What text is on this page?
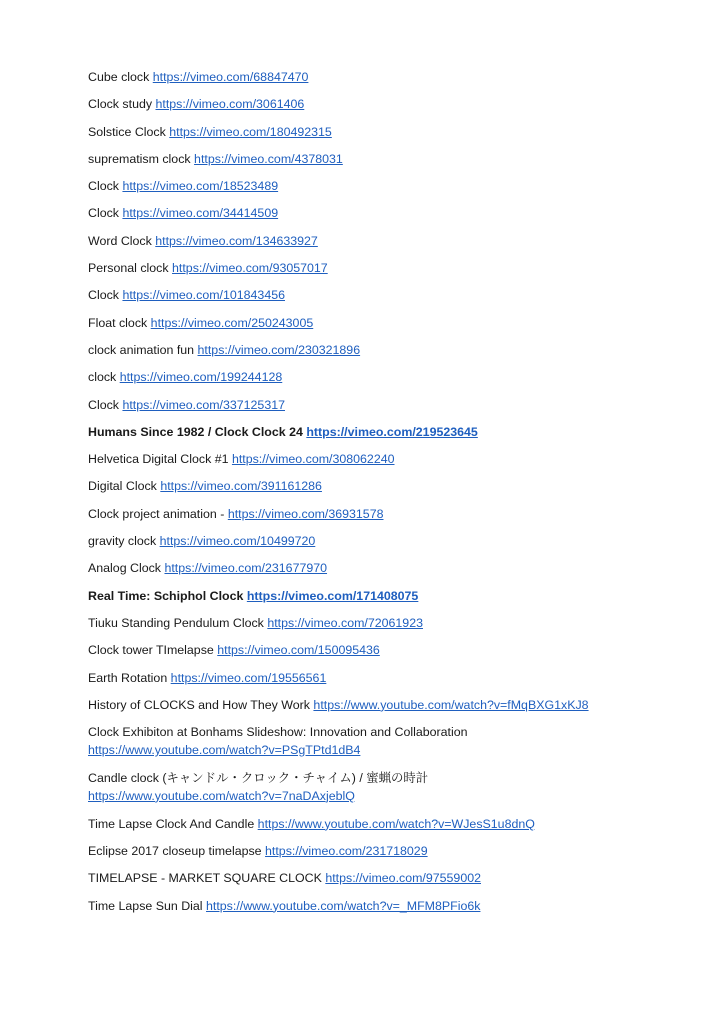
Cube clock https://vimeo.com/68847470
Clock study https://vimeo.com/3061406
Solstice Clock https://vimeo.com/180492315
suprematism clock https://vimeo.com/4378031
Clock https://vimeo.com/18523489
Clock https://vimeo.com/34414509
Word Clock https://vimeo.com/134633927
Personal clock https://vimeo.com/93057017
Clock https://vimeo.com/101843456
Float clock https://vimeo.com/250243005
clock animation fun https://vimeo.com/230321896
clock https://vimeo.com/199244128
Clock https://vimeo.com/337125317
Humans Since 1982 / Clock Clock 24 https://vimeo.com/219523645
Helvetica Digital Clock #1 https://vimeo.com/308062240
Digital Clock https://vimeo.com/391161286
Clock project animation - https://vimeo.com/36931578
gravity clock https://vimeo.com/10499720
Analog Clock https://vimeo.com/231677970
Real Time: Schiphol Clock https://vimeo.com/171408075
Tiuku Standing Pendulum Clock https://vimeo.com/72061923
Clock tower TImelapse https://vimeo.com/150095436
Earth Rotation https://vimeo.com/19556561
History of CLOCKS and How They Work https://www.youtube.com/watch?v=fMqBXG1xKJ8
Clock Exhibiton at Bonhams Slideshow: Innovation and Collaboration
https://www.youtube.com/watch?v=PSgTPtd1dB4
Candle clock (キャンドル・クロック・チャイム) / 蜜蝋の時計
https://www.youtube.com/watch?v=7naDAxjeblQ
Time Lapse Clock And Candle https://www.youtube.com/watch?v=WJesS1u8dnQ
Eclipse 2017 closeup timelapse https://vimeo.com/231718029
TIMELAPSE - MARKET SQUARE CLOCK https://vimeo.com/97559002
Time Lapse Sun Dial https://www.youtube.com/watch?v=_MFM8PFio6k
